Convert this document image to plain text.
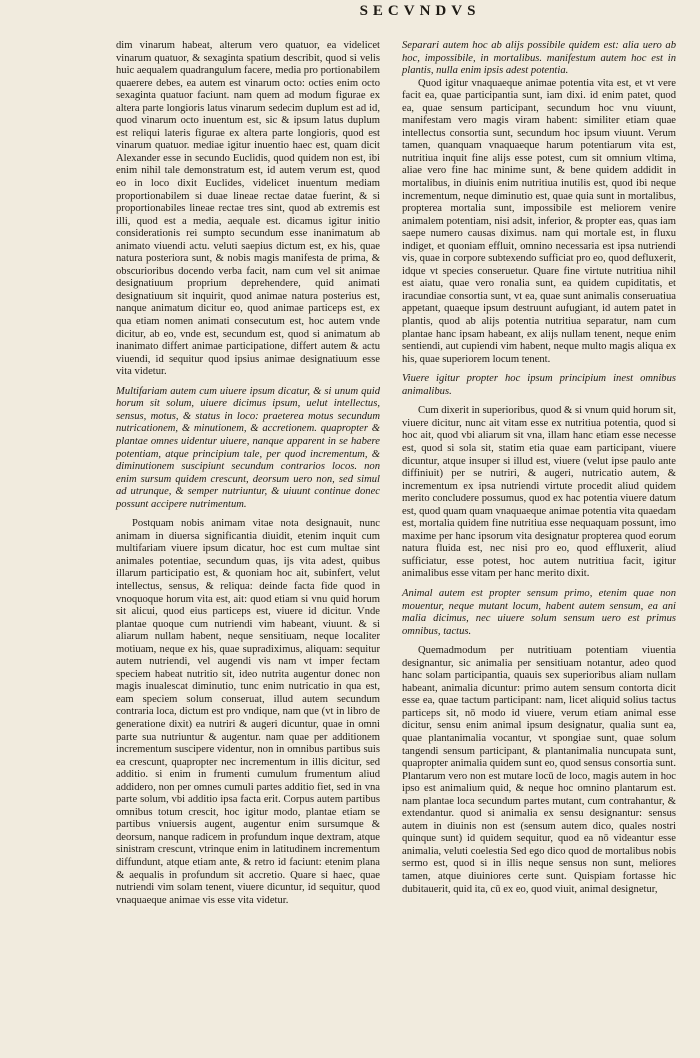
SECVNDVS

dim vinarum habeat, alterum vero quatuor, ea videlicet vinarum quatuor, & sexaginta spatium describit, quod si velis huic aequalem quadrangulum facere, media pro portionabilem quaerere debes, ea autem est vinarum octo: octies enim octo sexaginta quatuor faciunt. nam quem ad modum figurae ex altera parte longioris latus vinarum sedecim duplum est ad id, quod vinarum octo inuentum est, sic & ipsum latus duplum est reliqui lateris figurae ex altera parte longioris, quod est vinarum quatuor. mediae igitur inuentio haec est, quam dicit Alexander esse in secundo Euclidis, quod quidem non est, ibi enim nihil tale demonstratum est, id autem verum est, quod eo in loco dixit Euclides, videlicet inuentum mediam proportionabilem si duae lineae rectae datae fuerint, & si proportionabiles lineae rectae tres sint, quod ab extremis est illi, quod est a media, aequale est. dicamus igitur initio considerationis rei sumpto secundum esse inanimatum ab animato viuendi actu. veluti saepius dictum est, ex his, quae natura posteriora sunt, & nobis magis manifesta de prima, & obscurioribus docendo verba facit, nam cum vel sit animae designatiuum proprium deprehendere, quid animati designatiuum sit inquirit, quod animae natura posterius est, nanque animatum dicitur eo, quod animae particeps est, ex qua etiam nomen animati consecutum est, hoc autem vnde dicitur, ab eo, vnde est, secundum est, quod si animatum ab inanimato differt animae participatione, differt autem & actu viuendi, id sequitur quod ipsius animae designatiuum esse vita videtur.

Multifariam autem cum uiuere ipsum dicatur, & si unum quid horum sit solum, uiuere dicimus ipsum, uelut intellectus, sensus, motus, & status in loco: praeterea motus secundum nutricationem, & minutionem, & accretionem. quapropter & plantae omnes uidentur uiuere, nanque apparent in se habere potentiam, atque principium tale, per quod incrementum, & diminutionem suscipiunt secundum contrarios locos. non enim sursum quidem crescunt, deorsum uero non, sed simul ad utrunque, & semper nutriuntur, & uiuunt continue donec possunt accipere nutrimentum.

Postquam nobis animam vitae nota designauit, nunc animam in diuersa significantia diuidit, etenim inquit cum multifariam viuere ipsum dicatur, hoc est cum multae sint animales potentiae, secundum quas, ijs vita adest, quibus illarum participatio est, & quoniam hoc ait, subinfert, velut intellectus, sensus, & reliqua: deinde facta fide quod in vnoquoque horum vita est, ait: quod etiam si vnu quid horum sit alicui, quod eius particeps est, viuere id dicitur. Vnde plantae quoque cum nutriendi vim habeant, viuunt. & si aliarum nullam habent, neque sensitiuam, neque localiter motiuam, neque ex his, quae supradiximus, aliquam: sequitur autem nutriendi, vel augendi vis nam vt imper fectam speciem habeat nutritio sit, ideo nutrita augentur donec non magis inualescat diminutio, tunc enim nutricatio in qua est, eam speciem solum conseruat, illud autem secundum contraria loca, dictum est pro vndique, nam que (vt in libro de generatione dixit) ea nutriri & augeri dicuntur, quae in omni parte sua nutriuntur & augentur. nam quae per additionem incrementum suscipere videntur, non in omnibus partibus suis ea crescunt, quapropter nec incrementum in illis dicitur, sed additio. si enim in frumenti cumulum frumentum aliud addidero, non per omnes cumuli partes additio fiet, sed in vna parte solum, vbi additio ipsa facta erit. Corpus autem partibus omnibus totum crescit, hoc igitur modo, plantae etiam se partibus vniuersis augent, augentur enim sursumque & deorsum, nanque radicem in profundum inque dextram, atque sinistram crescunt, vtrinque enim in latitudinem incrementum diffundunt, atque etiam ante, & retro id faciunt: etenim plana & aequalis in profundum sit accretio. Quare si haec, quae nutriendi vim solam tenent, viuere dicuntur, id sequitur, quod vnaquaeque animae vis esse vita videtur.

Separari autem hoc ab alijs possibile quidem est: alia uero ab hoc, impossibile, in mortalibus. manifestum autem hoc est in plantis, nulla enim ipsis adest potentia.

Quod igitur vnaquaeque animae potentia vita est, et vt vere facit ea, quae participantia sunt, iam dixi. id enim patet, quod ea, quae sensum participant, secundum hoc vnu viuunt, manifestam vero magis viram habent: similiter etiam quae intellectus consortia sunt, secundum hoc ipsum viuunt. Verum tamen, quanquam vnaquaeque harum potentiarum vita est, nutritiua inquit fine alijs esse potest, cum sit omnium vltima, aliae vero fine hac minime sunt, & bene quidem addidit in mortalibus, in diuinis enim nutritiua inutilis est, quod ibi neque incrementum, neque diminutio est, quae quia sunt in mortalibus, propterea mortalia sunt, impossibile est meliorem venire animalem potentiam, nisi adsit, inferior, & propter eas, quas iam saepe numero causas diximus. nam qui mortale est, in fluxu indiget, et quoniam effluit, omnino necessaria est ipsa nutriendi vis, quae in corpore subtexendo sufficiat pro eo, quod defluxerit, idque vt species conseruetur. Quare fine virtute nutritiua nihil est aiatu, quae vero ronalia sunt, ea quidem cupiditatis, et iracundiae consortia sunt, vt ea, quae sunt animalis conseruatiua appetant, quaeque ipsum destruunt aufugiant, id autem patet in plantis, quod ab alijs potentia nutritiua separatur, nam cum plantae hanc ipsam habeant, ex alijs nullam tenent, neque enim sentiendi, aut cupiendi vim habent, neque multo magis aliqua ex his, quae superiorem locum tenent.

Viuere igitur propter hoc ipsum principium inest omnibus animalibus.

Cum dixerit in superioribus, quod & si vnum quid horum sit, viuere dicitur, nunc ait vitam esse ex nutritiua potentia, quod si hoc ait, quod vbi aliarum sit vna, illam hanc etiam esse necesse est, quod si sola sit, statim etia quae eam participant, viuere dicuntur, atque insuper si illud est, viuere (velut ipse paulo ante diffiniuit) per se nutriri, & augeri, nutricatio autem, & incrementum ex ipsa nutriendi virtute procedit aliud quidem merito concludere possumus, quod ex hac potentia viuere datum est, quod quam quam vnaquaeque animae potentia vita quaedam est, mortalia quidem fine nutritiua esse nequaquam possunt, imo maxime per hanc ipsorum vita designatur propterea quod eorum natura fluida est, nec nisi pro eo, quod effluxerit, aliud sufficiatur, esse potest, hoc autem nutritiua facit, igitur animalibus esse vitam per hanc merito dixit.

Animal autem est propter sensum primo, etenim quae non mouentur, neque mutant locum, habent autem sensum, ea ani malia dicimus, nec uiuere solum sensum uero est primus omnibus, tactus.

Quemadmodum per nutritiuam potentiam viuentia designantur, sic animalia per sensitiuam notantur, adeo quod hanc solam participantia, quauis sex superioribus aliam nullam habeant, animalia dicuntur: primo autem sensum contorta dicit esse ea, quae tactum participant: nam, licet aliquid solius tactus particeps sit, nō modo id viuere, verum etiam animal esse dicitur, sensu enim animal ipsum designatur, qualia sunt ea, quae plantanimalia vocantur, vt spongiae sunt, quae solum tangendi sensum participant, & plantanimalia nuncupata sunt, quapropter animalia quidem sunt eo, quod sensus consortia sunt. Plantarum vero non est mutare locū de loco, magis autem in hoc ipso est animalium quid, & neque hoc omnino plantarum est. nam plantae loca secundum partes mutant, cum contrahantur, & extendantur. quod si animalia ex sensu designantur: sensus autem in diuinis non est (sensum autem dico, quales nostri quinque sunt) id quidem sequitur, quod ea nō videantur esse animalia, veluti coelestia Sed ego dico quod de mortalibus nobis sermo est, quod si in illis neque sensus non sunt, meliores tamen, atque diuiniores certe sunt. Quispiam fortasse hic dubitauerit, quid ita, cū ex eo, quod viuit, animal designetur,
